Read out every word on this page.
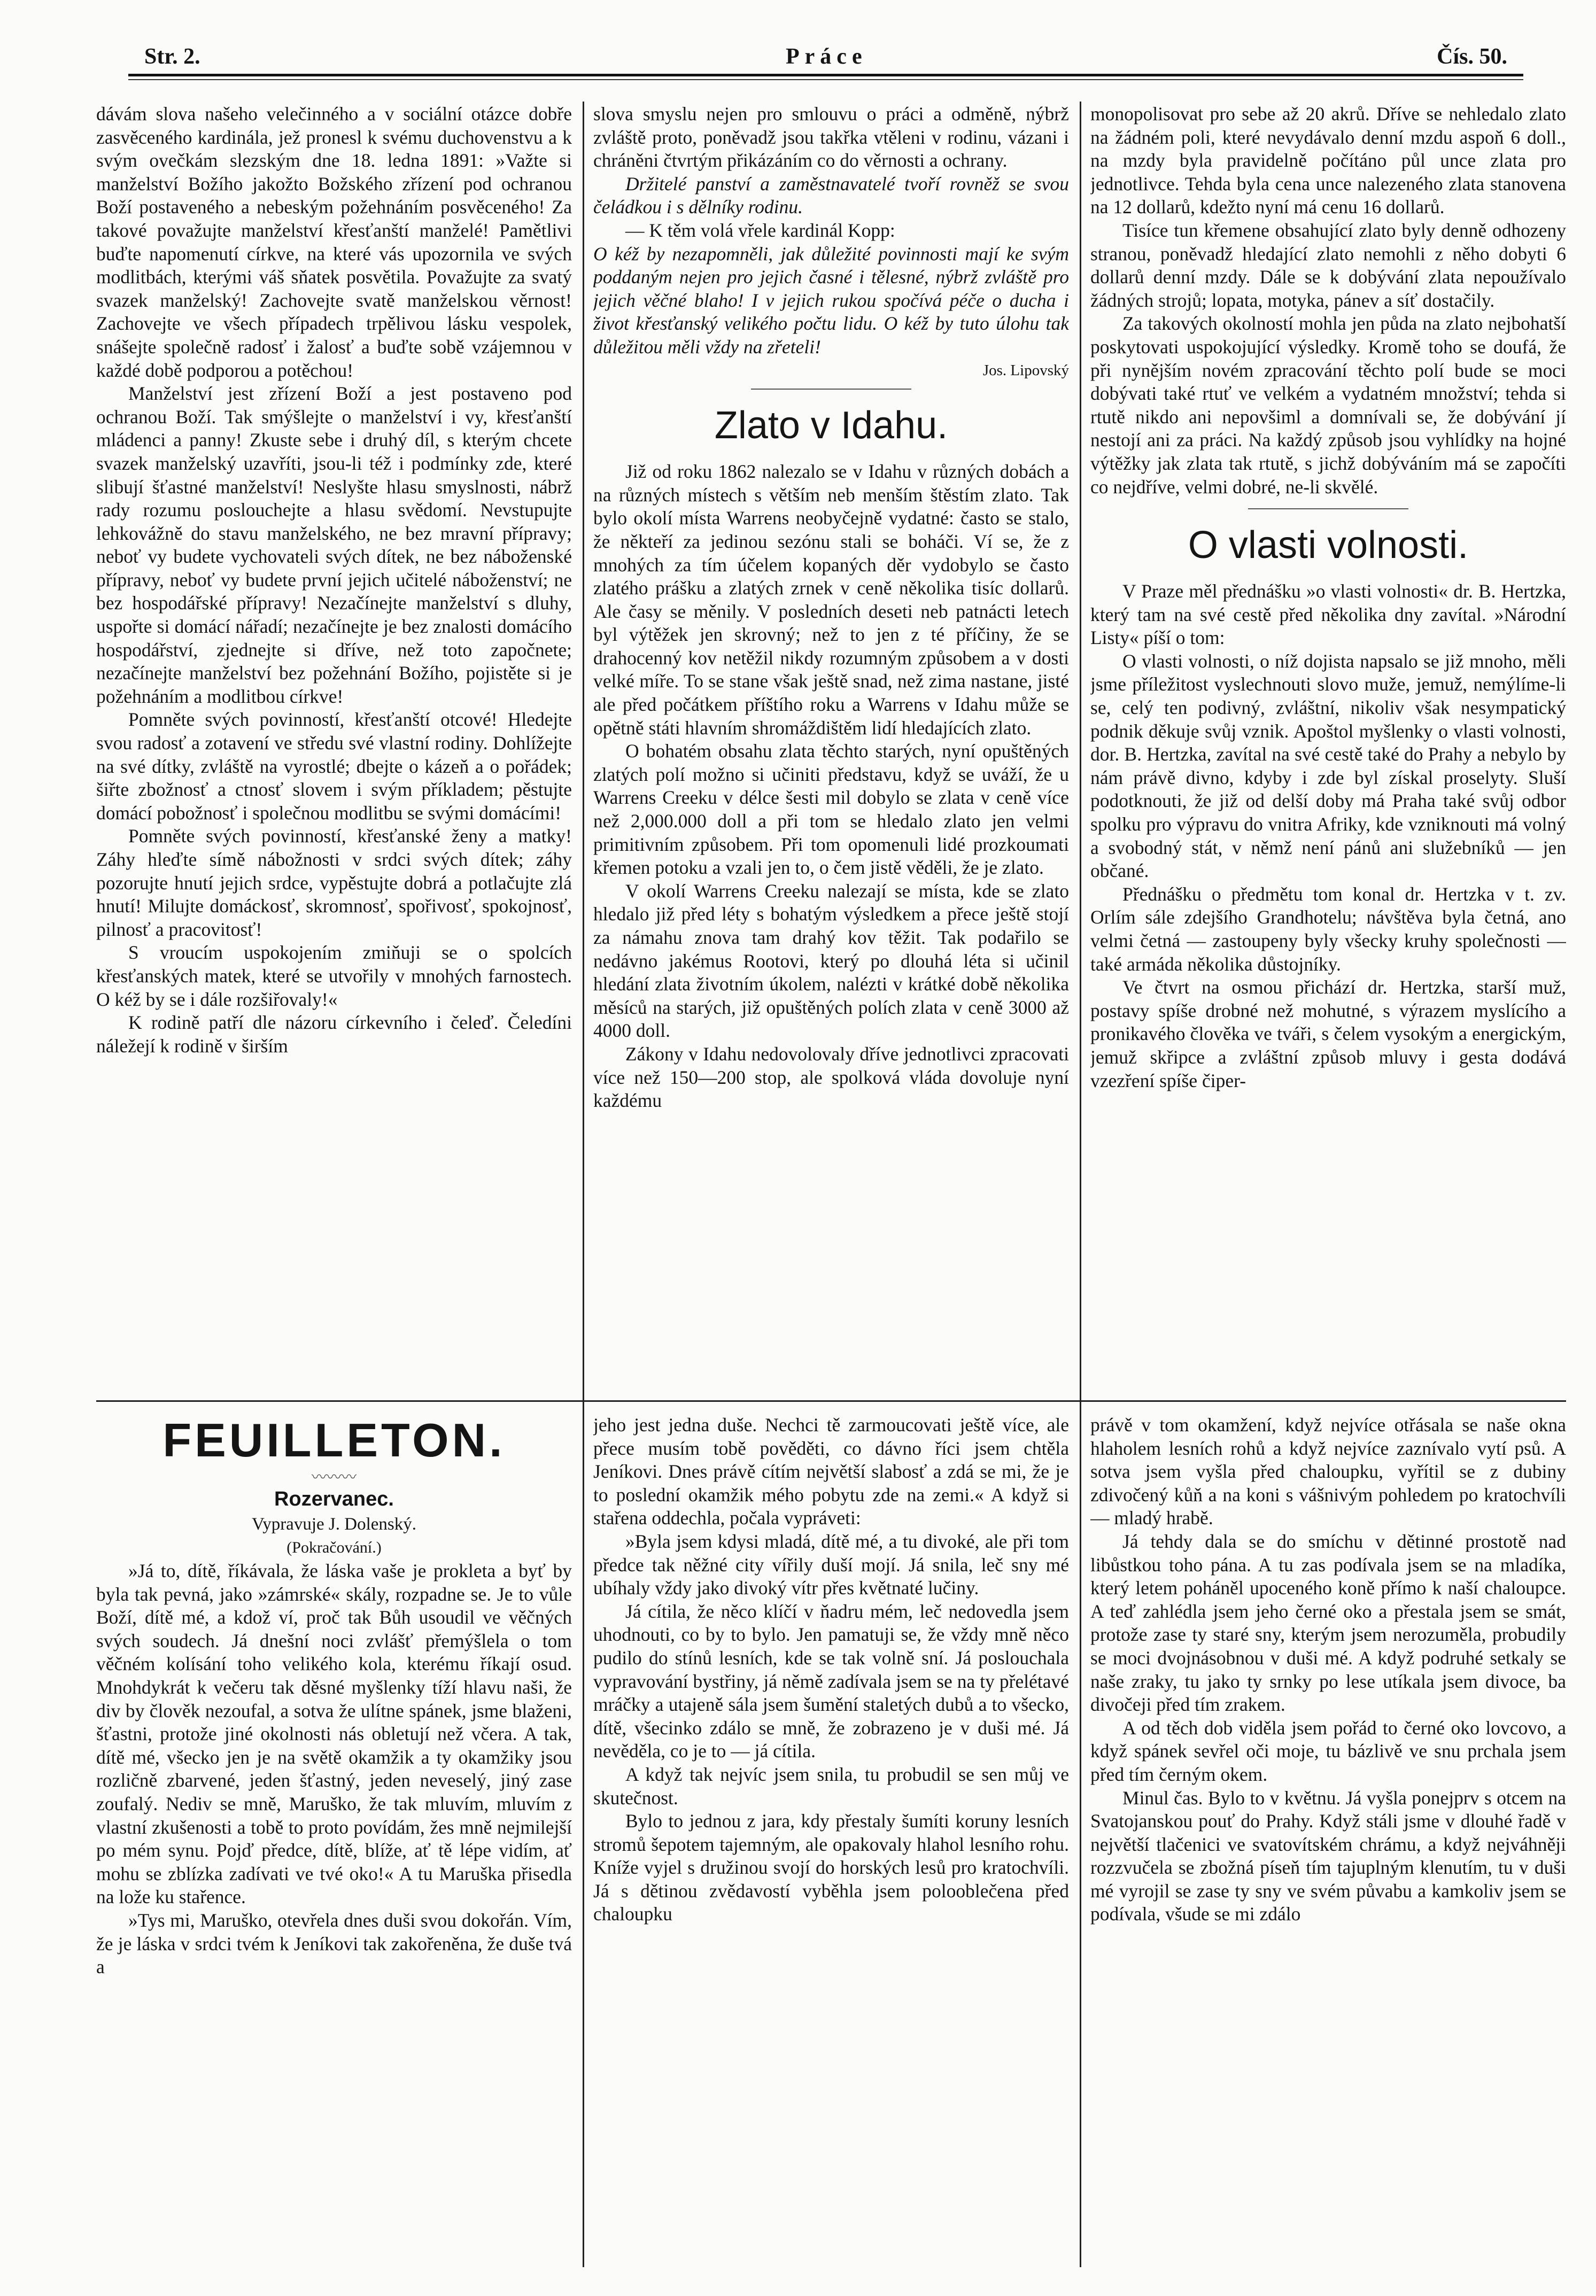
Str. 2.	Práce	Čís. 50.

dávám slova našeho velečinného a v sociální otázce dobře zasvěceného kardinála, jež pronesl k svému duchovenstvu a k svým ovečkám slezským dne 18. ledna 1891: »Važte si manželství Božího jakožto Božského zřízení pod ochranou Boží postaveného a nebeským požehnáním posvěceného! Za takové považujte manželství křesťanští manželé! Pamětlivi buďte napomenutí církve, na které vás upozornila ve svých modlitbách, kterými váš sňatek posvětila. Považujte za svatý svazek manželský! Zachovejte svatě manželskou věrnost! Zachovejte ve všech případech trpělivou lásku vespolek, snášejte společně radosť i žalosť a buďte sobě vzájemnou v každé době podporou a potěchou!

Manželství jest zřízení Boží a jest postaveno pod ochranou Boží. Tak smýšlejte o manželství i vy, křesťanští mládenci a panny! Zkuste sebe i druhý díl, s kterým chcete svazek manželský uzavříti, jsou-li též i podmínky zde, které slibují šťastné manželství! Neslyšte hlasu smyslnosti, nábrž rady rozumu poslouchejte a hlasu svědomí. Nevstupujte lehkovážně do stavu manželského, ne bez mravní přípravy; neboť vy budete vychovateli svých dítek, ne bez náboženské přípravy, neboť vy budete první jejich učitelé náboženství; ne bez hospodářské přípravy! Nezačínejte manželství s dluhy, uspořte si domácí nářadí; nezačínejte je bez znalosti domácího hospodářství, zjednejte si dříve, než toto započnete; nezačínejte manželství bez požehnání Božího, pojistěte si je požehnáním a modlitbou církve!

Pomněte svých povinností, křesťanští otcové! Hledejte svou radosť a zotavení ve středu své vlastní rodiny. Dohlížejte na své dítky, zvláště na vyrostlé; dbejte o kázeň a o pořádek; šiřte zbožnosť a ctnosť slovem i svým příkladem; pěstujte domácí pobožnosť i společnou modlitbu se svými domácími!

Pomněte svých povinností, křesťanské ženy a matky! Záhy hleďte símě nábožnosti v srdci svých dítek; záhy pozorujte hnutí jejich srdce, vypěstujte dobrá a potlačujte zlá hnutí! Milujte domáckosť, skromnosť, spořivosť, spokojnosť, pilnosť a pracovitosť!

S vroucím uspokojením zmiňuji se o spolcích křesťanských matek, které se utvořily v mnohých farnostech. O kéž by se i dále rozšiřovaly!«

K rodině patří dle názoru církevního i čeleď. Čeledíni náležejí k rodině v širším

slova smyslu nejen pro smlouvu o práci a odměně, nýbrž zvláště proto, poněvadž jsou takřka vtěleni v rodinu, vázani i chráněni čtvrtým přikázáním co do věrnosti a ochrany.

Držitelé panství a zaměstnavatelé tvoří rovněž se svou čeládkou i s dělníky rodinu.

— K těm volá vřele kardinál Kopp:

O kéž by nezapomněli, jak důležité povinnosti mají ke svým poddaným nejen pro jejich časné i tělesné, nýbrž zvláště pro jejich věčné blaho! I v jejich rukou spočívá péče o ducha i život křesťanský velikého počtu lidu. O kéž by tuto úlohu tak důležitou měli vždy na zřeteli!

Jos. Lipovský

Zlato v Idahu.

Již od roku 1862 nalezalo se v Idahu v různých dobách a na různých místech s větším neb menším štěstím zlato. Tak bylo okolí místa Warrens neobyčejně vydatné: často se stalo, že někteří za jedinou sezónu stali se boháči. Ví se, že z mnohých za tím účelem kopaných děr vydobylo se často zlatého prášku a zlatých zrnek v ceně několika tisíc dollarů. Ale časy se měnily. V posledních deseti neb patnácti letech byl výtěžek jen skrovný; než to jen z té příčiny, že se drahocenný kov netěžil nikdy rozumným způsobem a v dosti velké míře. To se stane však ještě snad, než zima nastane, jisté ale před počátkem příštího roku a Warrens v Idahu může se opětně státi hlavním shromáždištěm lidí hledajících zlato.

O bohatém obsahu zlata těchto starých, nyní opuštěných zlatých polí možno si učiniti představu, když se uváží, že u Warrens Creeku v délce šesti mil dobylo se zlata v ceně více než 2,000.000 doll a při tom se hledalo zlato jen velmi primitivním způsobem. Při tom opomenuli lidé prozkoumati křemen potoku a vzali jen to, o čem jistě věděli, že je zlato.

V okolí Warrens Creeku nalezají se místa, kde se zlato hledalo již před léty s bohatým výsledkem a přece ještě stojí za námahu znova tam drahý kov těžit. Tak podařilo se nedávno jakémus Rootovi, který po dlouhá léta si učinil hledání zlata životním úkolem, nalézti v krátké době několika měsíců na starých, již opuštěných polích zlata v ceně 3000 až 4000 doll.

Zákony v Idahu nedovolovaly dříve jednotlivci zpracovati více než 150—200 stop, ale spolková vláda dovoluje nyní každému

monopolisovat pro sebe až 20 akrů. Dříve se nehledalo zlato na žádném poli, které nevydávalo denní mzdu aspoň 6 doll., na mzdy byla pravidelně počítáno půl unce zlata pro jednotlivce. Tehda byla cena unce nalezeného zlata stanovena na 12 dollarů, kdežto nyní má cenu 16 dollarů.

Tisíce tun křemene obsahující zlato byly denně odhozeny stranou, poněvadž hledající zlato nemohli z něho dobyti 6 dollarů denní mzdy. Dále se k dobývání zlata nepoužívalo žádných strojů; lopata, motyka, pánev a síť dostačily.

Za takových okolností mohla jen půda na zlato nejbohatší poskytovati uspokojující výsledky. Kromě toho se doufá, že při nynějším novém zpracování těchto polí bude se moci dobývati také rtuť ve velkém a vydatném množství; tehda si rtutě nikdo ani nepovšiml a domnívali se, že dobývání jí nestojí ani za práci. Na každý způsob jsou vyhlídky na hojné výtěžky jak zlata tak rtutě, s jichž dobýváním má se započíti co nejdříve, velmi dobré, ne-li skvělé.

O vlasti volnosti.

V Praze měl přednášku »o vlasti volnosti« dr. B. Hertzka, který tam na své cestě před několika dny zavítal. »Národní Listy« píší o tom:

O vlasti volnosti, o níž dojista napsalo se již mnoho, měli jsme příležitost vyslechnouti slovo muže, jemuž, nemýlíme-li se, celý ten podivný, zvláštní, nikoliv však nesympatický podnik děkuje svůj vznik. Apoštol myšlenky o vlasti volnosti, dor. B. Hertzka, zavítal na své cestě také do Prahy a nebylo by nám právě divno, kdyby i zde byl získal proselyty. Sluší podotknouti, že již od delší doby má Praha také svůj odbor spolku pro výpravu do vnitra Afriky, kde vzniknouti má volný a svobodný stát, v němž není pánů ani služebníků — jen občané.

Přednášku o předmětu tom konal dr. Hertzka v t. zv. Orlím sále zdejšího Grandhotelu; návštěva byla četná, ano velmi četná — zastoupeny byly všecky kruhy společnosti — také armáda několika důstojníky.

Ve čtvrt na osmou přichází dr. Hertzka, starší muž, postavy spíše drobné než mohutné, s výrazem myslícího a pronikavého člověka ve tváři, s čelem vysokým a energickým, jemuž skřipce a zvláštní způsob mluvy i gesta dodává vzezření spíše čiper-

FEUILLETON.
〰〰〰
Rozervanec.
Vypravuje J. Dolenský.
(Pokračování.)

»Já to, dítě, říkávala, že láska vaše je prokleta a byť by byla tak pevná, jako »zámrské« skály, rozpadne se. Je to vůle Boží, dítě mé, a kdož ví, proč tak Bůh usoudil ve věčných svých soudech. Já dnešní noci zvlášť přemýšlela o tom věčném kolísání toho velikého kola, kterému říkají osud. Mnohdykrát k večeru tak děsné myšlenky tíží hlavu naši, že div by člověk nezoufal, a sotva že ulítne spánek, jsme blaženi, šťastni, protože jiné okolnosti nás obletují než včera. A tak, dítě mé, všecko jen je na světě okamžik a ty okamžiky jsou rozličně zbarvené, jeden šťastný, jeden neveselý, jiný zase zoufalý. Nediv se mně, Maruško, že tak mluvím, mluvím z vlastní zkušenosti a tobě to proto povídám, žes mně nejmilejší po mém synu. Pojď předce, dítě, blíže, ať tě lépe vidím, ať mohu se zblízka zadívati ve tvé oko!« A tu Maruška přisedla na lože ku stařence.

»Tys mi, Maruško, otevřela dnes duši svou dokořán. Vím, že je láska v srdci tvém k Jeníkovi tak zakořeněna, že duše tvá a

jeho jest jedna duše. Nechci tě zarmoucovati ještě více, ale přece musím tobě pověděti, co dávno říci jsem chtěla Jeníkovi. Dnes právě cítím největší slabosť a zdá se mi, že je to poslední okamžik mého pobytu zde na zemi.« A když si stařena oddechla, počala vypráveti:

»Byla jsem kdysi mladá, dítě mé, a tu divoké, ale při tom předce tak něžné city vířily duší mojí. Já snila, leč sny mé ubíhaly vždy jako divoký vítr přes květnaté lučiny.

Já cítila, že něco klíčí v ňadru mém, leč nedovedla jsem uhodnouti, co by to bylo. Jen pamatuji se, že vždy mně něco pudilo do stínů lesních, kde se tak volně sní. Já poslouchala vypravování bystřiny, já němě zadívala jsem se na ty přelétavé mráčky a utajeně sála jsem šumění staletých dubů a to všecko, dítě, všecinko zdálo se mně, že zobrazeno je v duši mé. Já nevěděla, co je to — já cítila.

A když tak nejvíc jsem snila, tu probudil se sen můj ve skutečnost.

Bylo to jednou z jara, kdy přestaly šumíti koruny lesních stromů šepotem tajemným, ale opakovaly hlahol lesního rohu. Kníže vyjel s družinou svojí do horských lesů pro kratochvíli. Já s dětinou zvědavostí vyběhla jsem polooblečena před chaloupku

právě v tom okamžení, když nejvíce otřásala se naše okna hlaholem lesních rohů a když nejvíce zaznívalo vytí psů. A sotva jsem vyšla před chaloupku, vyřítil se z dubiny zdivočený kůň a na koni s vášnivým pohledem po kratochvíli — mladý hrabě.

Já tehdy dala se do smíchu v dětinné prostotě nad libůstkou toho pána. A tu zas podívala jsem se na mladíka, který letem poháněl upoceného koně přímo k naší chaloupce. A teď zahlédla jsem jeho černé oko a přestala jsem se smát, protože zase ty staré sny, kterým jsem nerozuměla, probudily se moci dvojnásobnou v duši mé. A když podruhé setkaly se naše zraky, tu jako ty srnky po lese utíkala jsem divoce, ba divočeji před tím zrakem.

A od těch dob viděla jsem pořád to černé oko lovcovo, a když spánek sevřel oči moje, tu bázlivě ve snu prchala jsem před tím černým okem.

Minul čas. Bylo to v květnu. Já vyšla ponejprv s otcem na Svatojanskou pouť do Prahy. Když stáli jsme v dlouhé řadě v největší tlačenici ve svatovítském chrámu, a když nejváhněji rozzvučela se zbožná píseň tím tajuplným klenutím, tu v duši mé vyrojil se zase ty sny ve svém půvabu a kamkoliv jsem se podívala, všude se mi zdálo
